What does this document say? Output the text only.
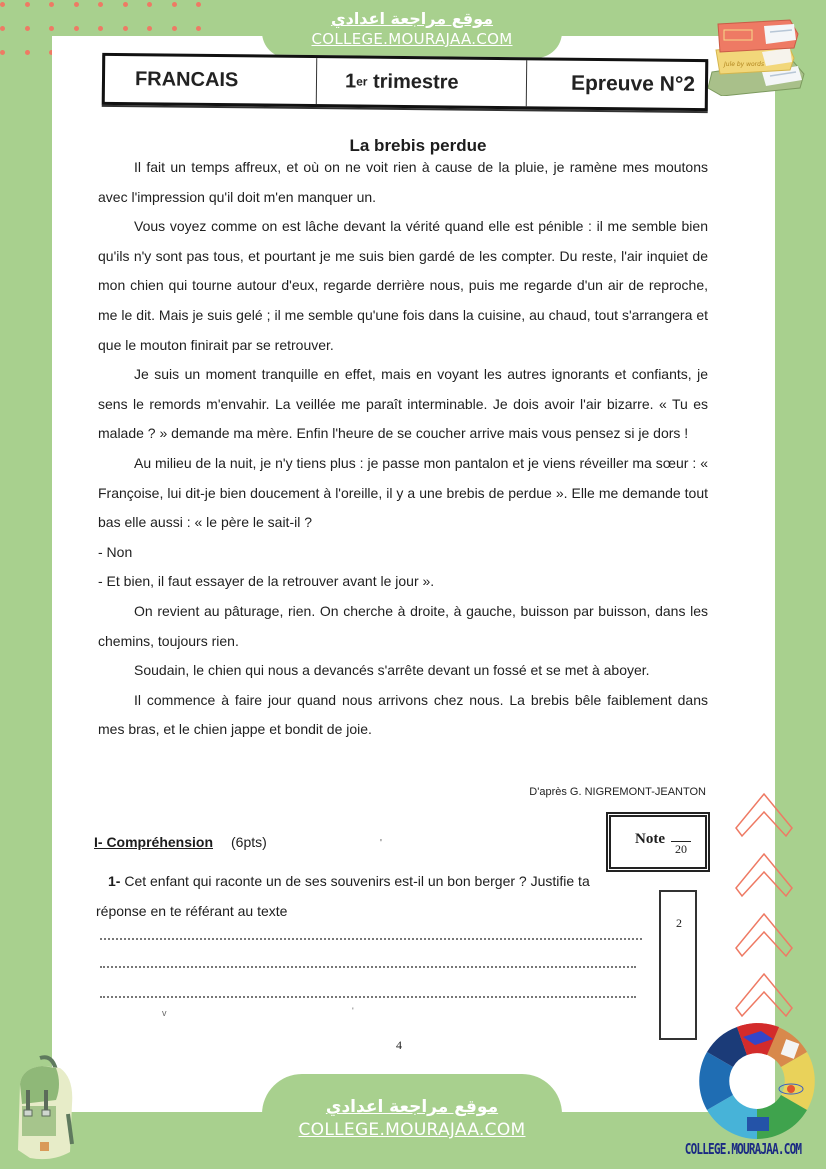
موقع مراجعة اعدادي
COLLEGE.MOURAJAA.COM
Jule by words
FRANCAIS	1 er trimestre	Epreuve N°2
La brebis perdue

Il fait un temps affreux, et où on ne voit rien à cause de la pluie, je ramène mes moutons avec l'impression qu'il doit m'en manquer un.

Vous voyez comme on est lâche devant la vérité quand elle est pénible : il me semble bien qu'ils n'y sont pas tous, et pourtant je me suis bien gardé de les compter. Du reste, l'air inquiet de mon chien qui tourne autour d'eux, regarde derrière nous, puis me regarde d'un air de reproche, me le dit. Mais je suis gelé ; il me semble qu'une fois dans la cuisine, au chaud, tout s'arrangera et que le mouton finirait par se retrouver.

Je suis un moment tranquille en effet, mais en voyant les autres ignorants et confiants, je sens le remords m'envahir. La veillée me paraît interminable. Je dois avoir l'air bizarre. « Tu es malade ? » demande ma mère. Enfin l'heure de se coucher arrive mais vous pensez si je dors !

Au milieu de la nuit, je n'y tiens plus : je passe mon pantalon et je viens réveiller ma sœur : « Françoise, lui dit-je bien doucement à l'oreille, il y a une brebis de perdue ». Elle me demande tout bas elle aussi : « le père le sait-il ?

- Non

- Et bien, il faut essayer de la retrouver avant le jour ».

On revient au pâturage, rien. On cherche à droite, à gauche, buisson par buisson, dans les chemins, toujours rien.

Soudain, le chien qui nous a devancés s'arrête devant un fossé et se met à aboyer.

Il commence à faire jour quand nous arrivons chez nous. La brebis bêle faiblement dans mes bras, et le chien jappe et bondit de joie.

D'après G. NIGREMONT-JEANTON
Note
20
I- Compréhension (6pts)	'
1- Cet enfant qui raconte un de ses souvenirs est-il un bon berger ? Justifie ta réponse en te référant au texte
v	'
2
4
موقع مراجعة اعدادي
COLLEGE.MOURAJAA.COM
COLLEGE.MOURAJAA.COM
